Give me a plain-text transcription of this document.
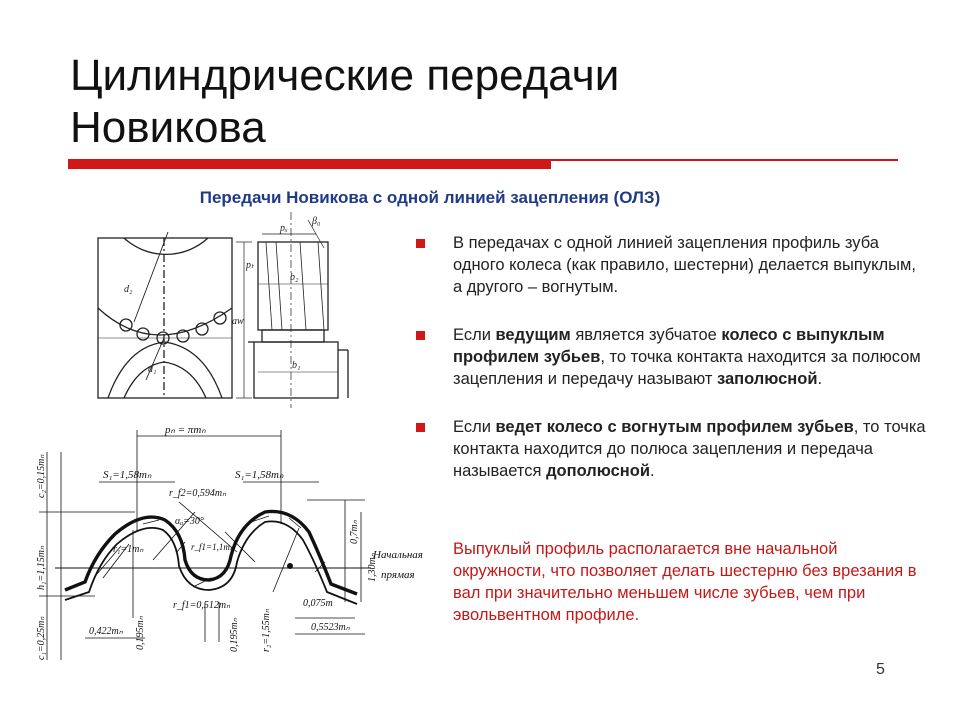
Цилиндрические передачи
Новикова
Передачи Новикова с одной линией зацепления (ОЛЗ)
pₓ
β₀
b₂
b₁
aw
pₜ
d₂
d₁
pₙ = πmₙ
S₁=1,58mₙ	S₁=1,58mₙ
r_f2=0,594mₙ
αₐ=30°
r₁=1mₙ	r_f1=1,1mₙ
r_f1=0,512mₙ
Начальная
прямая
0,075m
0,5523mₙ
0,422mₙ
c₂=0,15mₙ
h₁=1,15mₙ
c₁=0,25mₙ
0,7mₙ
1,30mₙ
0,195mₙ	0,195mₙ r₂=1,55mₙ
В передачах с одной линией зацепления профиль зуба одного колеса (как правило, шестерни) делается выпуклым, а другого – вогнутым.
Если ведущим является зубчатое колесо с выпуклым профилем зубьев, то точка контакта находится за полюсом зацепления и передачу называют заполюсной.
Если ведет колесо с вогнутым профилем зубьев, то точка контакта находится до полюса зацепления и передача называется дополюсной.
Выпуклый профиль располагается вне начальной окружности, что позволяет делать шестерню без врезания в вал при значительно меньшем числе зубьев, чем при эвольвентном профиле.
5
